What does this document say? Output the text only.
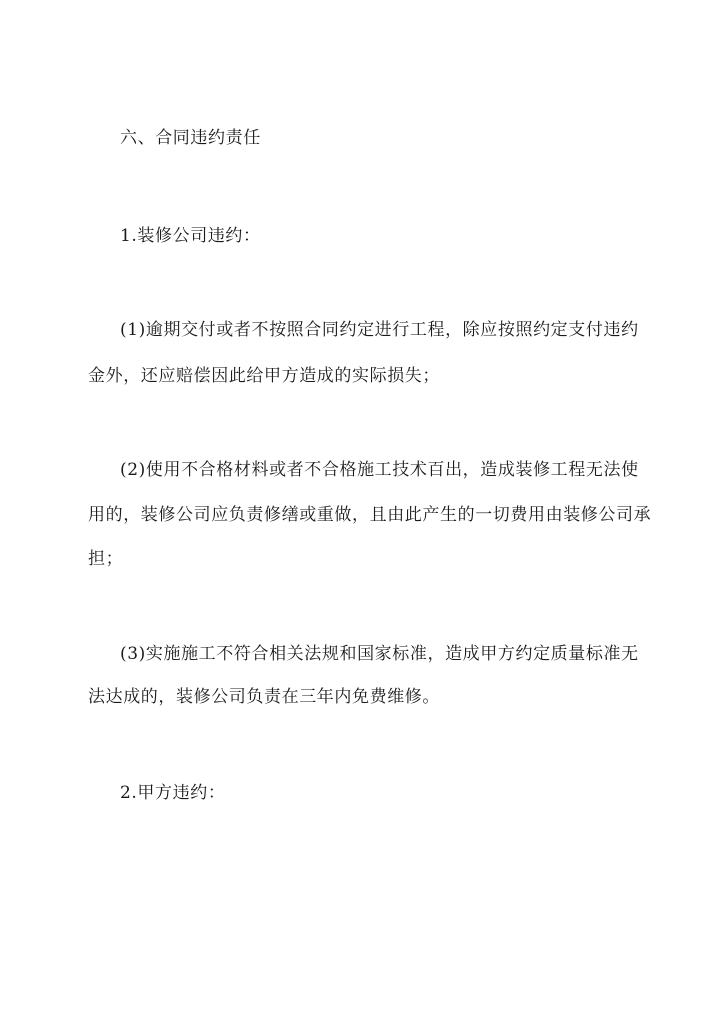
六、合同违约责任
1.装修公司违约：
(1)逾期交付或者不按照合同约定进行工程，除应按照约定支付违约
金外，还应赔偿因此给甲方造成的实际损失；
(2)使用不合格材料或者不合格施工技术百出，造成装修工程无法使
用的，装修公司应负责修缮或重做，且由此产生的一切费用由装修公司承
担；
(3)实施施工不符合相关法规和国家标准，造成甲方约定质量标准无
法达成的，装修公司负责在三年内免费维修。
2.甲方违约：
